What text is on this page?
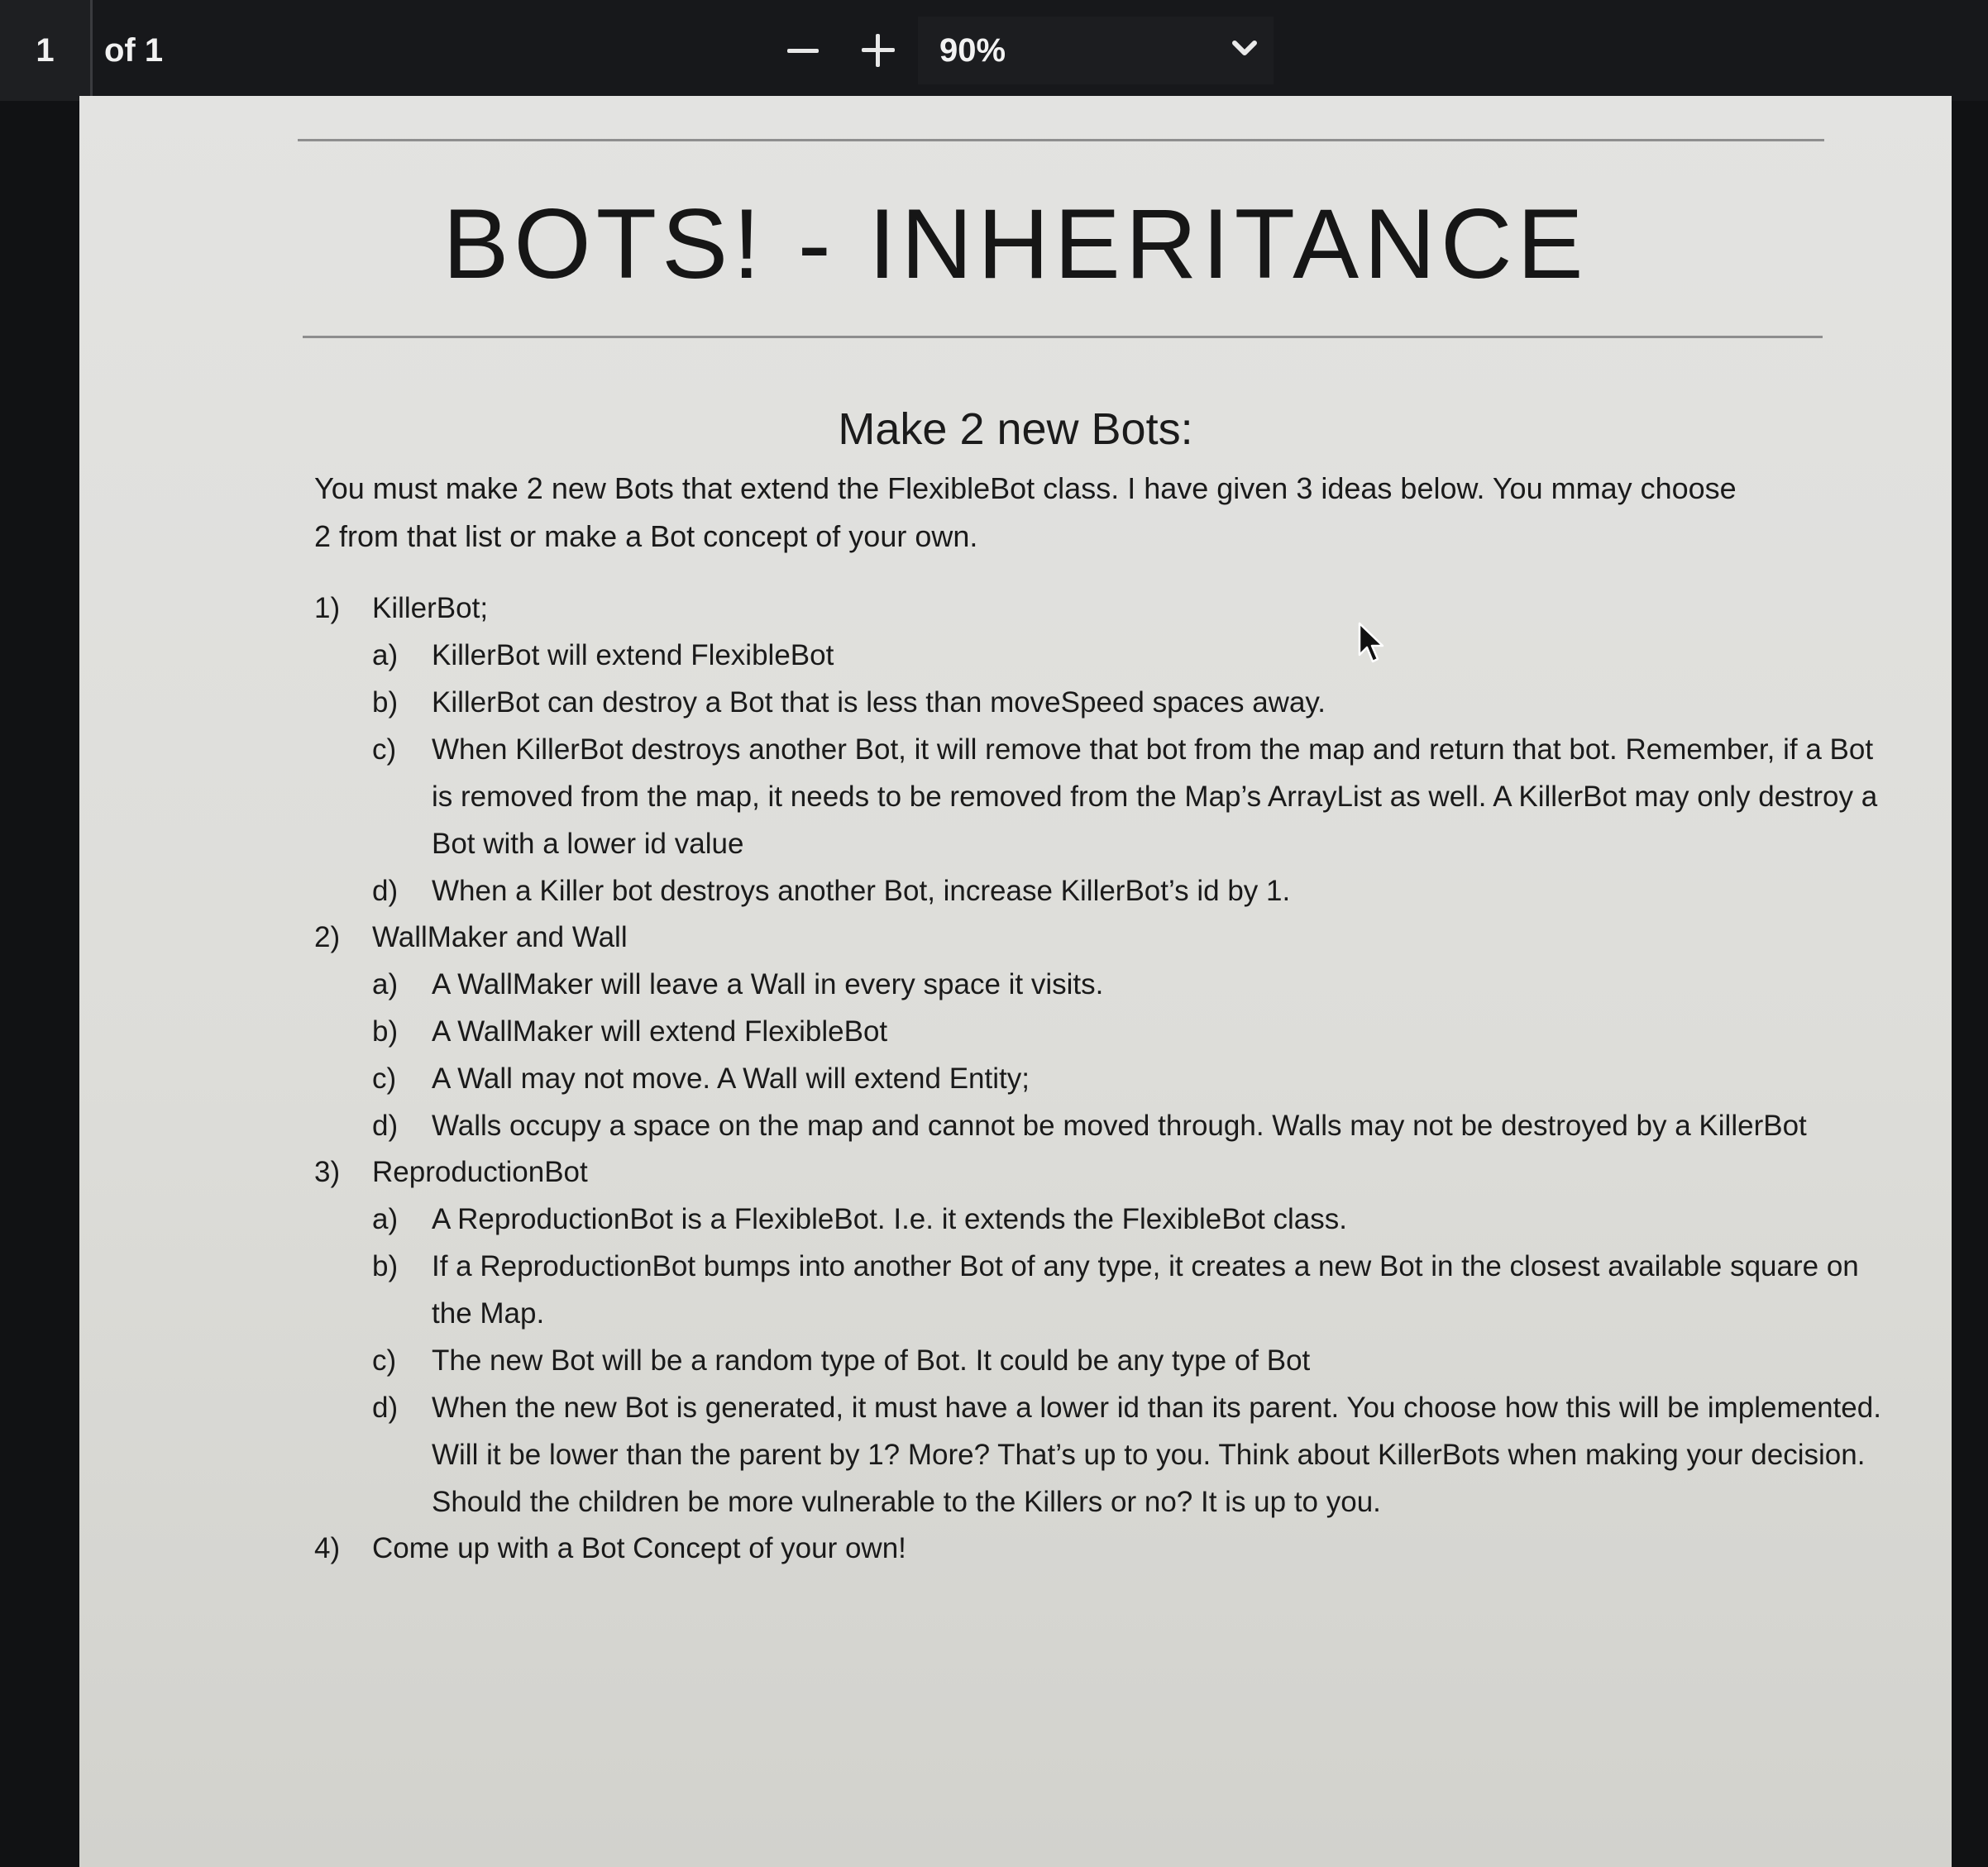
1	of 1	90%
BOTS! - INHERITANCE
Make 2 new Bots:
You must make 2 new Bots that extend the FlexibleBot class. I have given 3 ideas below. You mmay choose
2 from that list or make a Bot concept of your own.
1)	KillerBot;
a) KillerBot will extend FlexibleBot
b) KillerBot can destroy a Bot that is less than moveSpeed spaces away.
c) When KillerBot destroys another Bot, it will remove that bot from the map and return that bot. Remember, if a Bot is removed from the map, it needs to be removed from the Map’s ArrayList as well. A KillerBot may only destroy a Bot with a lower id value
d) When a Killer bot destroys another Bot, increase KillerBot’s id by 1.
2)	WallMaker and Wall
a) A WallMaker will leave a Wall in every space it visits.
b) A WallMaker will extend FlexibleBot
c) A Wall may not move. A Wall will extend Entity;
d) Walls occupy a space on the map and cannot be moved through. Walls may not be destroyed by a KillerBot
3)	ReproductionBot
a) A ReproductionBot is a FlexibleBot. I.e. it extends the FlexibleBot class.
b) If a ReproductionBot bumps into another Bot of any type, it creates a new Bot in the closest available square on the Map.
c) The new Bot will be a random type of Bot. It could be any type of Bot
d) When the new Bot is generated, it must have a lower id than its parent. You choose how this will be implemented. Will it be lower than the parent by 1? More? That’s up to you. Think about KillerBots when making your decision. Should the children be more vulnerable to the Killers or no? It is up to you.
4)	Come up with a Bot Concept of your own!
